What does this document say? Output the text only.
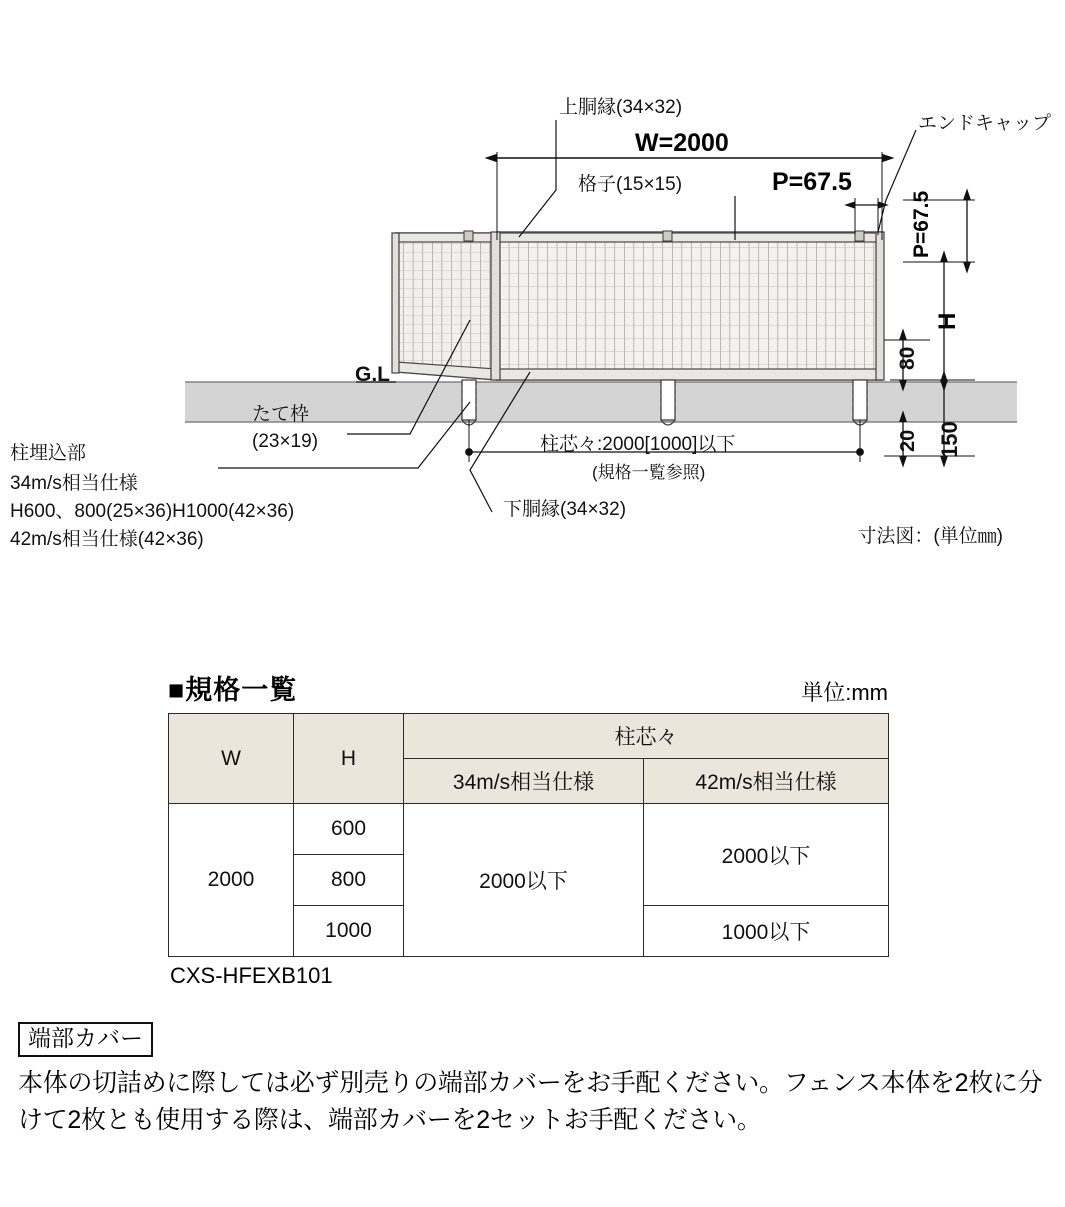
上胴縁(34×32)
エンドキャップ
格子(15×15)
W=2000
P=67.5
P=67.5
H
80
20 150
G.L
たて枠
(23×19)	柱芯々:2000[1000]以下
(規格一覧参照)
下胴縁(34×32)
柱埋込部
34m/s相当仕様
H600、800(25×36)H1000(42×36)
42m/s相当仕様(42×36)	寸法図：(単位㎜)
■規格一覧	単位:mm
W	H	柱芯々	
		34m/s相当仕様	42m/s相当仕様
2000	600	2000以下	2000以下
	800		
	1000		1000以下
CXS-HFEXB101
端部カバー
本体の切詰めに際しては必ず別売りの端部カバーをお手配ください。フェンス本体を2枚に分けて2枚とも使用する際は、端部カバーを2セットお手配ください。
